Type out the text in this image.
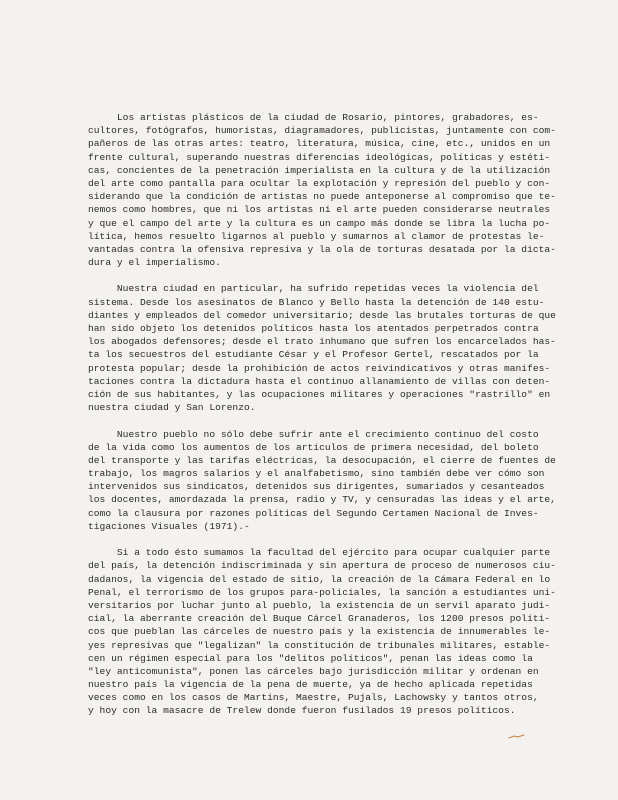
Los artistas plásticos de la ciudad de Rosario, pintores, grabadores, es-
cultores, fotógrafos, humoristas, diagramadores, publicistas, juntamente con com-
pañeros de las otras artes: teatro, literatura, música, cine, etc., unidos en un
frente cultural, superando nuestras diferencias ideológicas, políticas y estéti-
cas, concientes de la penetración imperialista en la cultura y de la utilización
del arte como pantalla para ocultar la explotación y represión del pueblo y con-
siderando que la condición de artistas no puede anteponerse al compromiso que te-
nemos como hombres, que ni los artistas ni el arte pueden considerarse neutrales
y que el campo del arte y la cultura es un campo más donde se libra la lucha po-
lítica, hemos resuelto ligarnos al pueblo y sumarnos al clamor de protestas le-
vantadas contra la ofensiva represiva y la ola de torturas desatada por la dicta-
dura y el imperialismo.
Nuestra ciudad en particular, ha sufrido repetidas veces la violencia del
sistema. Desde los asesinatos de Blanco y Bello hasta la detención de 140 estu-
diantes y empleados del comedor universitario; desde las brutales torturas de que
han sido objeto los detenidos políticos hasta los atentados perpetrados contra
los abogados defensores; desde el trato inhumano que sufren los encarcelados has-
ta los secuestros del estudiante César y el Profesor Gertel, rescatados por la
protesta popular; desde la prohibición de actos reivindicativos y otras manifes-
taciones contra la dictadura hasta el continuo allanamiento de villas con deten-
ción de sus habitantes, y las ocupaciones militares y operaciones "rastrillo" en
nuestra ciudad y San Lorenzo.
Nuestro pueblo no sólo debe sufrir ante el crecimiento continuo del costo
de la vida como los aumentos de los artículos de primera necesidad, del boleto
del transporte y las tarifas eléctricas, la desocupación, el cierre de fuentes de
trabajo, los magros salarios y el analfabetismo, sino también debe ver cómo son
intervenidos sus sindicatos, detenidos sus dirigentes, sumariados y cesanteados
los docentes, amordazada la prensa, radio y TV, y censuradas las ideas y el arte,
como la clausura por razones políticas del Segundo Certamen Nacional de Inves-
tigaciones Visuales (1971).-
Si a todo ésto sumamos la facultad del ejército para ocupar cualquier parte
del país, la detención indiscriminada y sin apertura de proceso de numerosos ciu-
dadanos, la vigencia del estado de sitio, la creación de la Cámara Federal en lo
Penal, el terrorismo de los grupos para-policiales, la sanción a estudiantes uni-
versitarios por luchar junto al pueblo, la existencia de un servil aparato judi-
cial, la aberrante creación del Buque Cárcel Granaderos, los 1200 presos políti-
cos que pueblan las cárceles de nuestro país y la existencia de innumerables le-
yes represivas que "legalizan" la constitución de tribunales militares, estable-
cen un régimen especial para los "delitos políticos", penan las ideas como la
"ley anticomunista", ponen las cárceles bajo jurisdicción militar y ordenan en
nuestro país la vigencia de la pena de muerte, ya de hecho aplicada repetidas
veces como en los casos de Martins, Maestre, Pujals, Lachowsky y tantos otros,
y hoy con la masacre de Trelew donde fueron fusilados 19 presos políticos.
